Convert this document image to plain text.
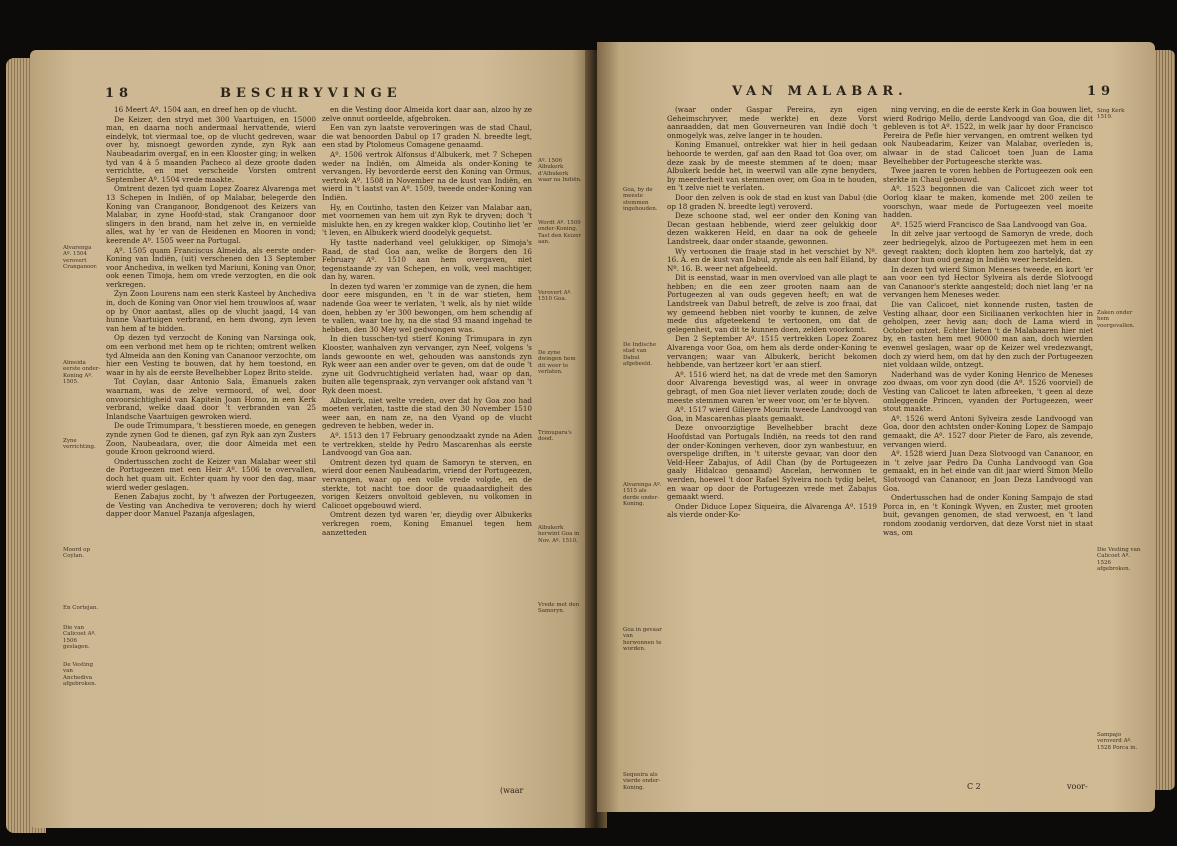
18	BESCHRYVINGE
Alvarenga Aº. 1504 verovert Cranganoor.
Almeida eerste onder-Koning Aº. 1505.
Zyne verrichting.
Moord op Coylan.
En Cortejan.
Die van Calicoet Aº. 1506 geslagen.
De Vesting van Anchediva afgebroken.

16 Meert Aº. 1504 aan, en dreef hen op de vlucht.

De Keizer, den stryd met 300 Vaartuigen, en 15000 man, en daarna noch andermaal hervattende, wierd eindelyk, tot viermaal toe, op de vlucht gedreven, waar over hy, misnoegt geworden zynde, zyn Ryk aan Naubeadarim overgaf, en in een Klooster ging; in welken tyd van 4 à 5 maanden Pacheco al deze groote daden verrichtte, en met verscheide Vorsten omtrent September Aº. 1504 vrede maakte.

Omtrent dezen tyd quam Lopez Zoarez Alvarenga met 13 Schepen in Indiën, of op Malabar, belegerde den Koning van Cranganoor, Bondgenoot des Keizers van Malabar, in zyne Hoofd-stad, stak Cranganoor door slingers in den brand, nam het zelve in, en vernielde alles, wat hy 'er van de Heidenen en Mooren in vond; keerende Aº. 1505 weer na Portugal.

Aº. 1505 quam Franciscus Almeida, als eerste onder-Koning van Indiën, (uit) verschenen den 13 September voor Anchediva, in welken tyd Mariuni, Koning van Onor, ook eenen Timoja, hem om vrede verzogten, en die ook verkregen.

Zyn Zoon Lourens nam een sterk Kasteel by Anchediva in, doch de Koning van Onor viel hem trouwloos af, waar op by Onor aantast, alles op de vlucht jaagd, 14 van hunne Vaartuigen verbrand, en hem dwong, zyn leven van hem af te bidden.

Op dezen tyd verzocht de Koning van Narsinga ook, om een verbond met hem op te richten; omtrent welken tyd Almeida aan den Koning van Cananoor verzochte, om hier een Vesting te bouwen, dat hy hem toestond, en waar in hy als de eerste Bevelhebber Lopez Brito stelde.

Tot Coylan, daar Antonio Sala, Emanuels zaken waarnam, was de zelve vermoord, of wel, door onvoorsichtigheid van Kapitein Joan Homo, in een Kerk verbrand, welke daad door 't verbranden van 25 Inlandsche Vaartuigen gewroken wierd.

De oude Trimumpara, 't besstieren moede, en genegen zynde zynen God te dienen, gaf zyn Ryk aan zyn Zusters Zoon, Naubeadara, over, die door Almeida met een goude Kroon gekroond wierd.

Ondertusschen zocht de Keizer van Malabar weer stil de Portugeezen met een Heir Aº. 1506 te overvallen, doch het quam uit. Echter quam hy voor den dag, maar wierd weder geslagen.

Eenen Zabajus zocht, by 't afwezen der Portugeezen, de Vesting van Anchediva te veroveren; doch hy wierd dapper door Manuel Pazanja afgeslagen,

en die Vesting door Almeida kort daar aan, alzoo hy ze zelve onnut oordeelde, afgebroken.

Een van zyn laatste veroveringen was de stad Chaul, die wat benoorden Dabul op 17 graden N. breedte legt, een stad by Ptolomeus Comagene genaamd.

Aº. 1506 vertrok Alfonsus d'Albukerk, met 7 Schepen weder na Indiën, om Almeida als onder-Koning te vervangen. Hy bevorderde eerst den Koning van Ormus, vertrok Aº. 1508 in November na de kust van Indiën, en wierd in 't laatst van Aº. 1509, tweede onder-Koning van Indiën.

Hy, en Coutinho, tasten den Keizer van Malabar aan, met voornemen van hem uit zyn Ryk te dryven; doch 't mislukte hen, en zy kregen wakker klop, Coutinho liet 'er 't leven, en Albukerk wierd doodelyk gequetst.

Hy tastte naderhand veel gelukkiger, op Simoja's Raad, de stad Goa aan, welke de Borgers den 16 February Aº. 1510 aan hem overgaven, niet tegenstaande zy van Schepen, en volk, veel machtiger, dan hy, waren.

In dezen tyd waren 'er zommige van de zynen, die hem door eere misgunden, en 't in de war stieten, hem nadende Goa weer te verlaten, 't welk, als hy niet wilde doen, hebben zy 'er 300 bewongen, om hem schendig af te vallen, waar toe hy, na die stad 93 maand ingehad te hebben, den 30 Mey wel gedwongen was.

In dien tusschen-tyd stierf Koning Trimupara in zyn Klooster, wanhalven zyn vervanger, zyn Neef, volgens 's lands gewoonte en wet, gehouden was aanstonds zyn Ryk weer aan een ander over te geven, om dat de oude 't zyne uit Godvruchtigheid verlaten had, waar op dan, buiten alle tegenspraak, zyn vervanger ook afstand van 't Ryk deen moest.

Albukerk, niet welte vreden, over dat hy Goa zoo had moeten verlaten, tastte die stad den 30 November 1510 weer aan, en nam ze, na den Vyand op de vlucht gedreven te hebben, weder in.

Aº. 1513 den 17 February genoodzaakt zynde na Aden te vertrekken, stelde hy Pedro Mascarenhas als eerste Landvoogd van Goa aan.

Omtrent dezen tyd quam de Samoryn te sterven, en wierd door eenen Naubeadarim, vriend der Portugeezen, vervangen, waar op een volle vrede volgde, en de sterkte, tot nacht toe door de quaadaardigheit des vorigen Keizers onvoltoid gebleven, nu volkomen in Calicoet opgebouwd wierd.

Omtrent dezen tyd waren 'er, dieydig over Albukerks verkregen roem, Koning Emanuel tegen hem aanzetteden

(waar
Aº. 1506 Albukerk d'Albukerk waar na Indiën.
Wordt Aº. 1509 onder-Koning. Tast den Keizer aan.
Verovert Aº. 1510 Goa.
De zyne dwingen hem dit weer te verlaten.
Trimupara's dood.
Albukerk herwint Goa in Nov. Aº. 1510.
Vrede met den Samoryn.
VAN MALABAR.	19
Goa, by de meeste stemmen ingehouden.
De Indische stad van Dabul afgebeeld.
Alvarenga Aº. 1515 als derde onder-Koning.
Goa in gevaar van herwonnen te worden.
Sequeira als vierde onder-Koning.

(waar onder Gaspar Pereira, zyn eigen Geheimschryver, mede werkte) en deze Vorst aanraadden, dat men Gouverneuren van Indië doch 't onmogelyk was, zelve langer in te houden.

Koning Emanuel, ontrekker wat hier in heil gedaan behoorde te werden, gaf aan den Raad tot Goa over, om deze zaak by de meeste stemmen af te doen; maar Albukerk bedde het, in weerwil van alle zyne benyders, by meerderheit van stemmen over, om Goa in te houden, en 't zelve niet te verlaten.

Door den zelven is ook de stad en kust van Dabul (die op 18 graden N. breedte legt) veroverd.

Deze schoone stad, wel eer onder den Koning van Decan gestaan hebbende, wierd zeer gelukkig door dezen wakkeren Held, en daar na ook de geheele Landstreek, daar onder staande, gewonnen.

Wy vertoonen die fraaje stad in het verschiet by Nº. 16. A. en de kust van Dabul, zynde als een half Eiland, by Nº. 16. B. weer net afgebeeld.

Dit is eenstad, waar in men overvloed van alle plagt te hebben; en die een zeer grooten naam aan de Portugeezen al van ouds gegeven heeft; en wat de Landstreek van Dabul betreft, de zelve is zoo fraai, dat wy gemeend hebben niet voorby te kunnen, de zelve mede dus afgeteekend te vertoonen, om dat de gelegenheit, van dit te kunnen doen, zelden voorkomt.

Den 2 September Aº. 1515 vertrekken Lopez Zoarez Alvarenga voor Goa, om hem als derde onder-Koning te vervangen; waar van Albukerk, bericht bekomen hebbende, van hertzeer kort 'er aan stierf.

Aº. 1516 wierd het, na dat de vrede met den Samoryn door Alvarenga bevestigd was, al weer in onvrage gebragt, of men Goa niet liever verlaten zoude; doch de meeste stemmen waren 'er weer voor, om 'er te blyven.

Aº. 1517 wierd Gilieyre Mourin tweede Landvoogd van Goa, in Mascarenhas plaats gemaakt.

Deze onvoorzigtige Bevelhebber bracht deze Hoofdstad van Portugals Indiën, na reeds tot den rand der onder-Koningen verheven, door zyn wanbestuur, en overspelige driften, in 't uiterste gevaar, van door den Veld-Heer Zabajus, of Adil Chan (by de Portugeezen gaaly Hidalcao genaamd) Ancelan, herwonnen te werden, hoewel 't door Rafael Sylveira noch tydig belet, en waar op door de Portugeezen vrede met Zabajus gemaakt wierd.

Onder Diduce Lopez Siqueira, die Alvarenga Aº. 1519 als vierde onder-Ko-

ning verving, en die de eerste Kerk in Goa bouwen liet, wierd Rodrigo Mello, derde Landvoogd van Goa, die dit gebleven is tot Aº. 1522, in welk jaar hy door Francisco Pereira de Pefle hier vervangen, en omtrent welken tyd ook Naubeadarim, Keizer van Malabar, overleden is, alwaar in de stad Calicoet toen Juan de Lama Bevelhebber der Portugeesche sterkte was.

Twee jaaren te voren hebben de Portugeezen ook een sterkte in Chaul gebouwd.

Aº. 1523 begonnen die van Calicoet zich weer tot Oorlog klaar te maken, komende met 200 zeilen te voorschyn, waar mede de Portugeezen veel moeite hadden.

Aº. 1525 wierd Francisco de Saa Landvoogd van Goa.

In dit zelve jaar vertoogd de Samoryn de vrede, doch zeer bedriegelyk, alzoo de Portugeezen met hem in een gevegt raakten; doch klopten hem zoo hartelyk, dat zy daar door hun oud gezag in Indiën weer herstelden.

In dezen tyd wierd Simon Meneses tweede, en kort 'er aan voor een tyd Hector Sylveira als derde Slotvoogd van Cananoor's sterkte aangesteld; doch niet lang 'er na vervangen hem Meneses weder.

Die van Calicoet, niet konnende rusten, tasten de Vesting alhaar, door een Siciliaanen verkochten hier in geholpen, zeer hevig aan; doch de Lama wierd in October ontzet. Echter lieten 't de Malabaaren hier niet by, en tasten hem met 90000 man aan, doch wierden evenwel geslagen, waar op de Keizer wel vredezwangt, doch zy wierd hem, om dat hy den zuch der Portugeezen niet voldaan wilde, ontzegt.

Naderhand was de vyder Koning Henrico de Meneses zoo dwaas, om voor zyn dood (die Aº. 1526 voorviel) de Vesting van Calicoet te laten afbreeken, 't geen al deze omleggende Princen, vyanden der Portugeezen, weer stout maakte.

Aº. 1526 werd Antoni Sylveira zesde Landvoogd van Goa, door den achtsten onder-Koning Lopez de Sampajo gemaakt, die Aº. 1527 door Pieter de Faro, als zevende, vervangen wierd.

Aº. 1528 wierd Juan Deza Slotvoogd van Cananoor, en in 't zelve jaar Pedro Da Cunha Landvoogd van Goa gemaakt, en in het einde van dit jaar wierd Simon Mello Slotvoogd van Cananoor, en Joan Deza Landvoogd van Goa.

Ondertusschen had de onder Koning Sampajo de stad Porca in, en 't Koningk Wyven, en Zuster, met grooten buit, gevangen genomen, de stad verwoest, en 't land rondom zoodanig verdorven, dat deze Vorst niet in staat was, om

C 2	voor-
Sing Kerk 1519.
Zaken onder hem voorgevallen.
Die Vesting van Calicoet Aº. 1526 afgebroken.
Sampajo veroverd Aº. 1528 Porca in.
